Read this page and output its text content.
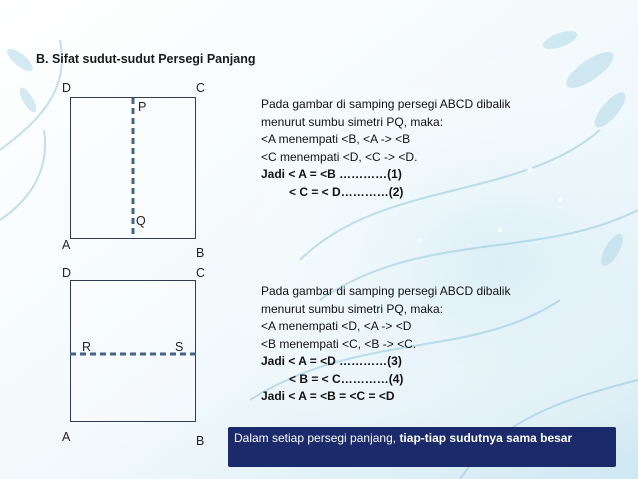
B. Sifat sudut-sudut Persegi Panjang
D	C
A
B
P
Q
D	C
A	B
R	S
Pada gambar di samping persegi ABCD dibalik
menurut sumbu simetri PQ, maka:
<A menempati <B, <A -> <B
<C menempati <D, <C -> <D.
Jadi < A = <B …………(1)
< C = < D…………(2)
Pada gambar di samping persegi ABCD dibalik
menurut sumbu simetri PQ, maka:
<A menempati <D, <A -> <D
<B menempati <C, <B -> <C.
Jadi < A = <D …………(3)
< B = < C…………(4)
Jadi < A = <B = <C = <D
Dalam setiap persegi panjang, tiap-tiap sudutnya sama besar
